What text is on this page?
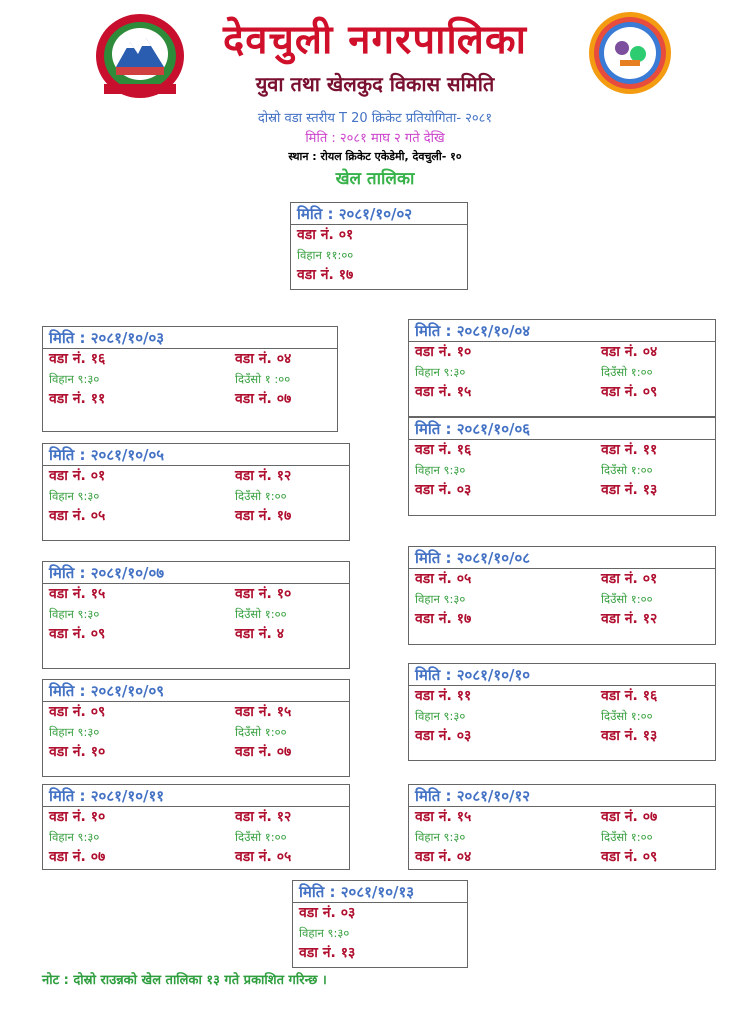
देवचुली नगरपालिका
युवा तथा खेलकुद विकास समिति
दोस्रो वडा स्तरीय T 20 क्रिकेट प्रतियोगिता- २०८१
मिति : २०८१ माघ २ गते देखि
स्थान : रोयल क्रिकेट एकेडेमी, देवचुली- १०
खेल तालिका
मिति : २०८१/१०/०२
वडा नं. ०१
विहान ११:००
वडा नं. १७
मिति : २०८१/१०/०३
वडा नं. १६	वडा नं. ०४
विहान ९:३०	दिउँसो १ :००
वडा नं. ११	वडा नं. ०७
मिति : २०८१/१०/०५
वडा नं. ०१	वडा नं. १२
विहान ९:३०	दिउँसो १:००
वडा नं. ०५	वडा नं. १७
मिति : २०८१/१०/०७
वडा नं. १५	वडा नं. १०
विहान ९:३०	दिउँसो १:००
वडा नं. ०९	वडा नं. ४
मिति : २०८१/१०/०९
वडा नं. ०९	वडा नं. १५
विहान ९:३०	दिउँसो १:००
वडा नं. १०	वडा नं. ०७
मिति : २०८१/१०/११
वडा नं. १०	वडा नं. १२
विहान ९:३०	दिउँसो १:००
वडा नं. ०७	वडा नं. ०५
मिति : २०८१/१०/०४
वडा नं. १०	वडा नं. ०४
विहान ९:३०	दिउँसो १:००
वडा नं. १५	वडा नं. ०९
मिति : २०८१/१०/०६
वडा नं. १६	वडा नं. ११
विहान ९:३०	दिउँसो १:००
वडा नं. ०३	वडा नं. १३
मिति : २०८१/१०/०८
वडा नं. ०५	वडा नं. ०१
विहान ९:३०	दिउँसो १:००
वडा नं. १७	वडा नं. १२
मिति : २०८१/१०/१०
वडा नं. ११	वडा नं. १६
विहान ९:३०	दिउँसो १:००
वडा नं. ०३	वडा नं. १३
मिति : २०८१/१०/१२
वडा नं. १५	वडा नं. ०७
विहान ९:३०	दिउँसो १:००
वडा नं. ०४	वडा नं. ०९
मिति : २०८१/१०/१३
वडा नं. ०३
विहान ९:३०
वडा नं. १३
नोट : दोस्रो राउन्नको खेल तालिका १३ गते प्रकाशित गरिन्छ ।
